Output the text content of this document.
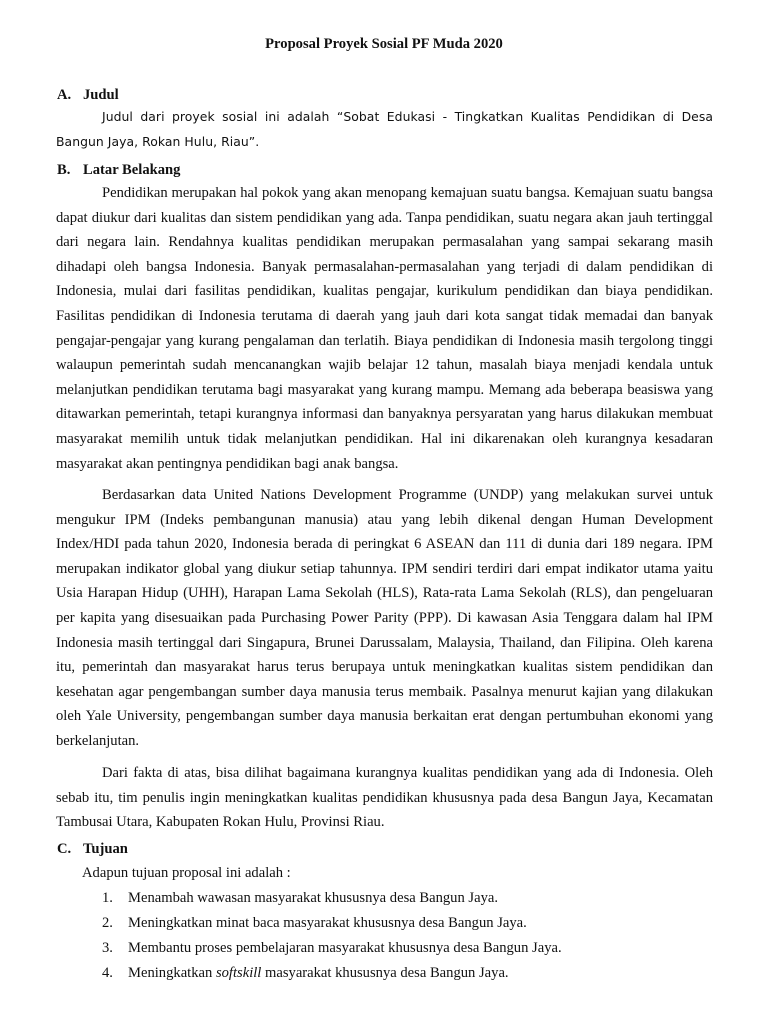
Proposal Proyek Sosial PF Muda 2020
A. Judul

Judul dari proyek sosial ini adalah “Sobat Edukasi - Tingkatkan Kualitas Pendidikan di Desa Bangun Jaya, Rokan Hulu, Riau”.

B. Latar Belakang

Pendidikan merupakan hal pokok yang akan menopang kemajuan suatu bangsa. Kemajuan suatu bangsa dapat diukur dari kualitas dan sistem pendidikan yang ada. Tanpa pendidikan, suatu negara akan jauh tertinggal dari negara lain. Rendahnya kualitas pendidikan merupakan permasalahan yang sampai sekarang masih dihadapi oleh bangsa Indonesia. Banyak permasalahan-permasalahan yang terjadi di dalam pendidikan di Indonesia, mulai dari fasilitas pendidikan, kualitas pengajar, kurikulum pendidikan dan biaya pendidikan. Fasilitas pendidikan di Indonesia terutama di daerah yang jauh dari kota sangat tidak memadai dan banyak pengajar-pengajar yang kurang pengalaman dan terlatih. Biaya pendidikan di Indonesia masih tergolong tinggi walaupun pemerintah sudah mencanangkan wajib belajar 12 tahun, masalah biaya menjadi kendala untuk melanjutkan pendidikan terutama bagi masyarakat yang kurang mampu. Memang ada beberapa beasiswa yang ditawarkan pemerintah, tetapi kurangnya informasi dan banyaknya persyaratan yang harus dilakukan membuat masyarakat memilih untuk tidak melanjutkan pendidikan. Hal ini dikarenakan oleh kurangnya kesadaran masyarakat akan pentingnya pendidikan bagi anak bangsa.

Berdasarkan data United Nations Development Programme (UNDP) yang melakukan survei untuk mengukur IPM (Indeks pembangunan manusia) atau yang lebih dikenal dengan Human Development Index/HDI pada tahun 2020, Indonesia berada di peringkat 6 ASEAN dan 111 di dunia dari 189 negara. IPM merupakan indikator global yang diukur setiap tahunnya. IPM sendiri terdiri dari empat indikator utama yaitu Usia Harapan Hidup (UHH), Harapan Lama Sekolah (HLS), Rata-rata Lama Sekolah (RLS), dan pengeluaran per kapita yang disesuaikan pada Purchasing Power Parity (PPP). Di kawasan Asia Tenggara dalam hal IPM Indonesia masih tertinggal dari Singapura, Brunei Darussalam, Malaysia, Thailand, dan Filipina. Oleh karena itu, pemerintah dan masyarakat harus terus berupaya untuk meningkatkan kualitas sistem pendidikan dan kesehatan agar pengembangan sumber daya manusia terus membaik. Pasalnya menurut kajian yang dilakukan oleh Yale University, pengembangan sumber daya manusia berkaitan erat dengan pertumbuhan ekonomi yang berkelanjutan.

Dari fakta di atas, bisa dilihat bagaimana kurangnya kualitas pendidikan yang ada di Indonesia. Oleh sebab itu, tim penulis ingin meningkatkan kualitas pendidikan khususnya pada desa Bangun Jaya, Kecamatan Tambusai Utara, Kabupaten Rokan Hulu, Provinsi Riau.

C. Tujuan
Adapun tujuan proposal ini adalah :
1. Menambah wawasan masyarakat khususnya desa Bangun Jaya.
2. Meningkatkan minat baca masyarakat khususnya desa Bangun Jaya.
3. Membantu proses pembelajaran masyarakat khususnya desa Bangun Jaya.
4. Meningkatkan softskill masyarakat khususnya desa Bangun Jaya.
